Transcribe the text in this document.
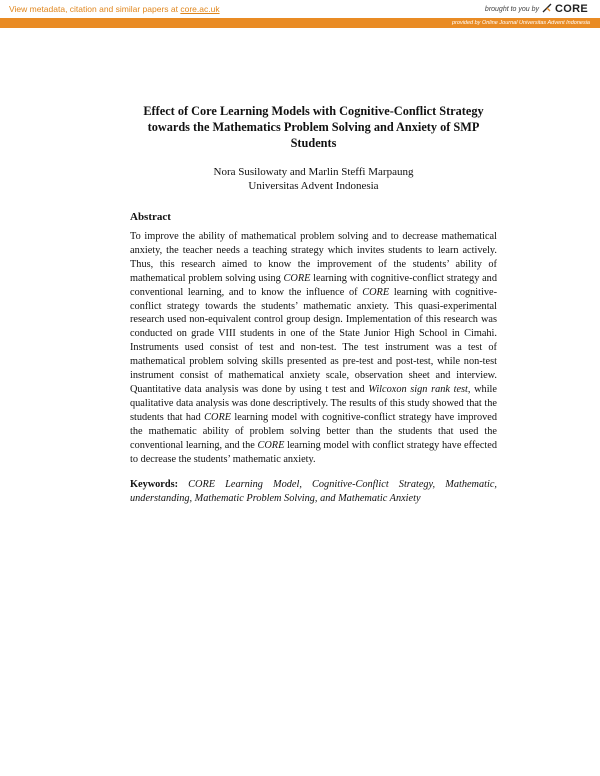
View metadata, citation and similar papers at core.ac.uk	brought to you by CORE
provided by Online Journal Universitas Advent Indonesia
Effect of Core Learning Models with Cognitive-Conflict Strategy
towards the Mathematics Problem Solving and Anxiety of SMP
Students
Nora Susilowaty and Marlin Steffi Marpaung
Universitas Advent Indonesia
Abstract
To improve the ability of mathematical problem solving and to decrease mathematical anxiety, the teacher needs a teaching strategy which invites students to learn actively. Thus, this research aimed to know the improvement of the students’ ability of mathematical problem solving using CORE learning with cognitive-conflict strategy and conventional learning, and to know the influence of CORE learning with cognitive-conflict strategy towards the students’ mathematic anxiety. This quasi-experimental research used non-equivalent control group design. Implementation of this research was conducted on grade VIII students in one of the State Junior High School in Cimahi. Instruments used consist of test and non-test. The test instrument was a test of mathematical problem solving skills presented as pre-test and post-test, while non-test instrument consist of mathematical anxiety scale, observation sheet and interview. Quantitative data analysis was done by using t test and Wilcoxon sign rank test, while qualitative data analysis was done descriptively. The results of this study showed that the students that had CORE learning model with cognitive-conflict strategy have improved the mathematic ability of problem solving better than the students that used the conventional learning, and the CORE learning model with conflict strategy have effected to decrease the students’ mathematic anxiety.
Keywords: CORE Learning Model, Cognitive-Conflict Strategy, Mathematic, understanding, Mathematic Problem Solving, and Mathematic Anxiety
